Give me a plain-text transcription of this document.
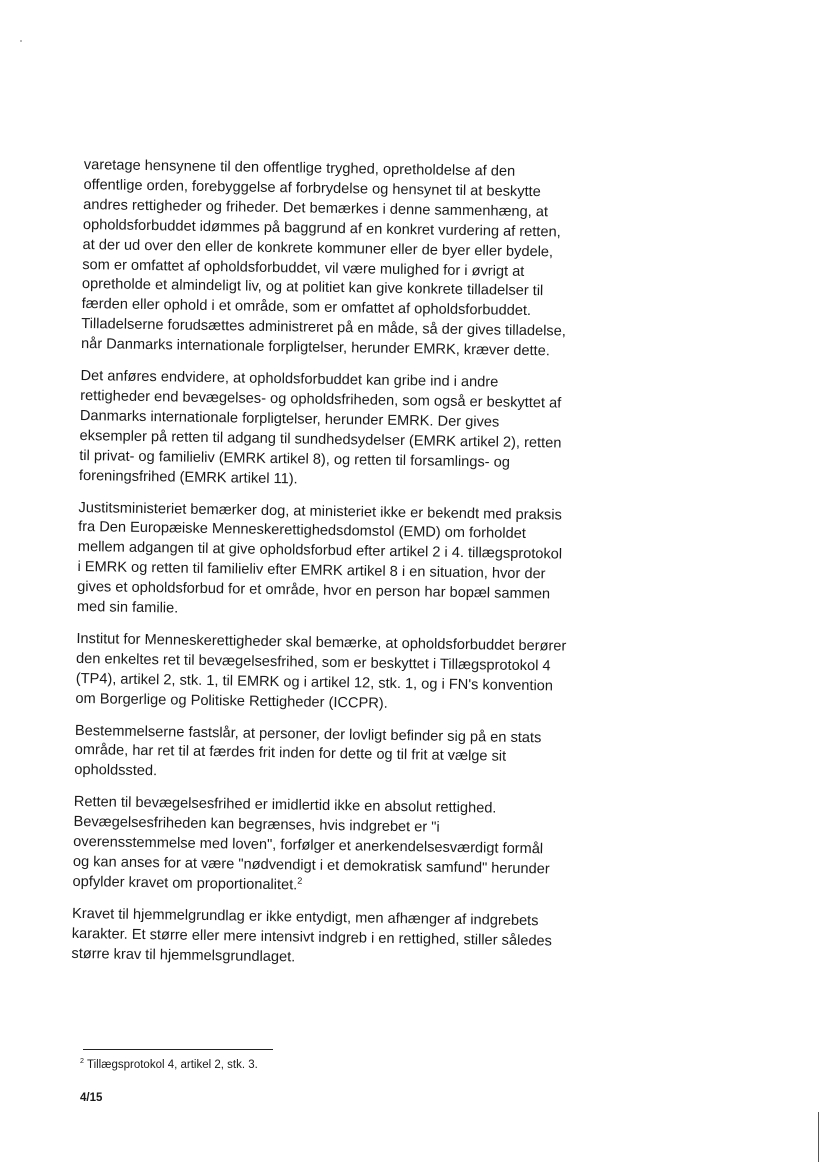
varetage hensynene til den offentlige tryghed, opretholdelse af den offentlige orden, forebyggelse af forbrydelse og hensynet til at beskytte andres rettigheder og friheder. Det bemærkes i denne sammenhæng, at opholdsforbuddet idømmes på baggrund af en konkret vurdering af retten, at der ud over den eller de konkrete kommuner eller de byer eller bydele, som er omfattet af opholdsforbuddet, vil være mulighed for i øvrigt at opretholde et almindeligt liv, og at politiet kan give konkrete tilladelser til færden eller ophold i et område, som er omfattet af opholdsforbuddet. Tilladelserne forudsættes administreret på en måde, så der gives tilladelse, når Danmarks internationale forpligtelser, herunder EMRK, kræver dette.

Det anføres endvidere, at opholdsforbuddet kan gribe ind i andre rettigheder end bevægelses- og opholdsfriheden, som også er beskyttet af Danmarks internationale forpligtelser, herunder EMRK. Der gives eksempler på retten til adgang til sundhedsydelser (EMRK artikel 2), retten til privat- og familieliv (EMRK artikel 8), og retten til forsamlings- og foreningsfrihed (EMRK artikel 11).

Justitsministeriet bemærker dog, at ministeriet ikke er bekendt med praksis fra Den Europæiske Menneskerettighedsdomstol (EMD) om forholdet mellem adgangen til at give opholdsforbud efter artikel 2 i 4. tillægsprotokol i EMRK og retten til familieliv efter EMRK artikel 8 i en situation, hvor der gives et opholdsforbud for et område, hvor en person har bopæl sammen med sin familie.

Institut for Menneskerettigheder skal bemærke, at opholdsforbuddet berører den enkeltes ret til bevægelsesfrihed, som er beskyttet i Tillægsprotokol 4 (TP4), artikel 2, stk. 1, til EMRK og i artikel 12, stk. 1, og i FN's konvention om Borgerlige og Politiske Rettigheder (ICCPR).

Bestemmelserne fastslår, at personer, der lovligt befinder sig på en stats område, har ret til at færdes frit inden for dette og til frit at vælge sit opholdssted.

Retten til bevægelsesfrihed er imidlertid ikke en absolut rettighed. Bevægelsesfriheden kan begrænses, hvis indgrebet er "i overensstemmelse med loven", forfølger et anerkendelsesværdigt formål og kan anses for at være "nødvendigt i et demokratisk samfund" herunder opfylder kravet om proportionalitet.$^2$

Kravet til hjemmelgrundlag er ikke entydigt, men afhænger af indgrebets karakter. Et større eller mere intensivt indgreb i en rettighed, stiller således større krav til hjemmelsgrundlaget.

$^2$ Tillægsprotokol 4, artikel 2, stk. 3.
4/15
